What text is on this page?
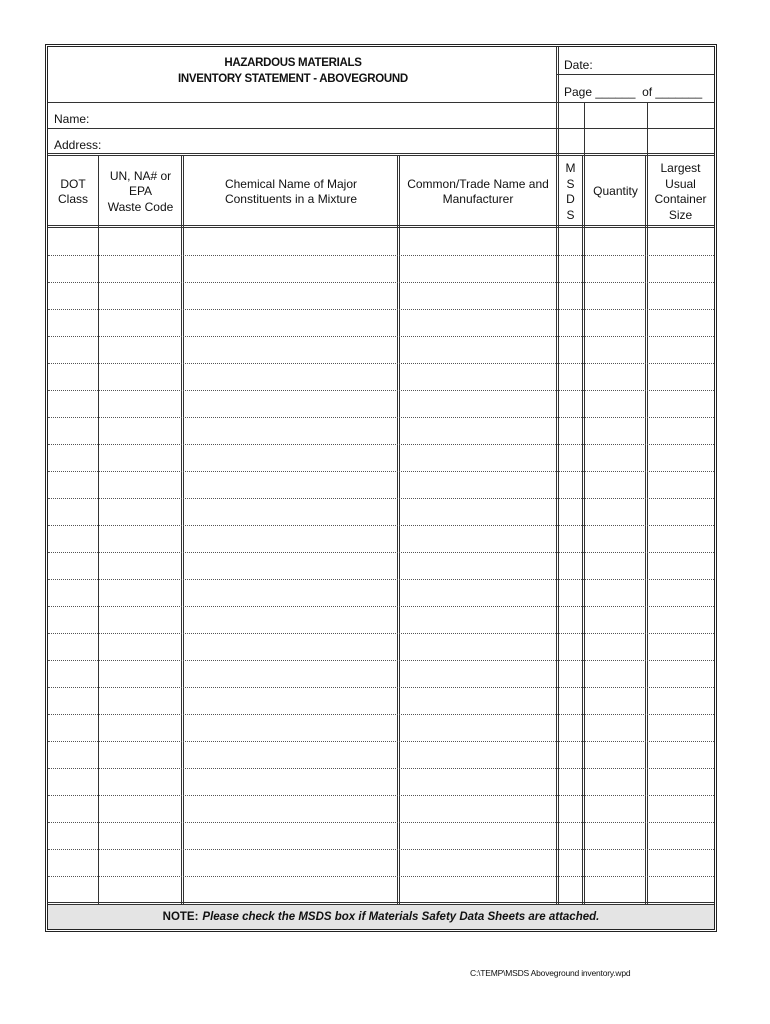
HAZARDOUS MATERIALS
INVENTORY STATEMENT - ABOVEGROUND
Date:
Page ______  of _______
Name:
Address:
DOT
Class
UN, NA# or
EPA
Waste Code
Chemical Name of Major
Constituents in a Mixture
Common/Trade Name and
Manufacturer
M
S
D
S
Quantity
Largest
Usual
Container
Size
NOTE: Please check the MSDS box if Materials Safety Data Sheets are attached.
C:\TEMP\MSDS Aboveground inventory.wpd
